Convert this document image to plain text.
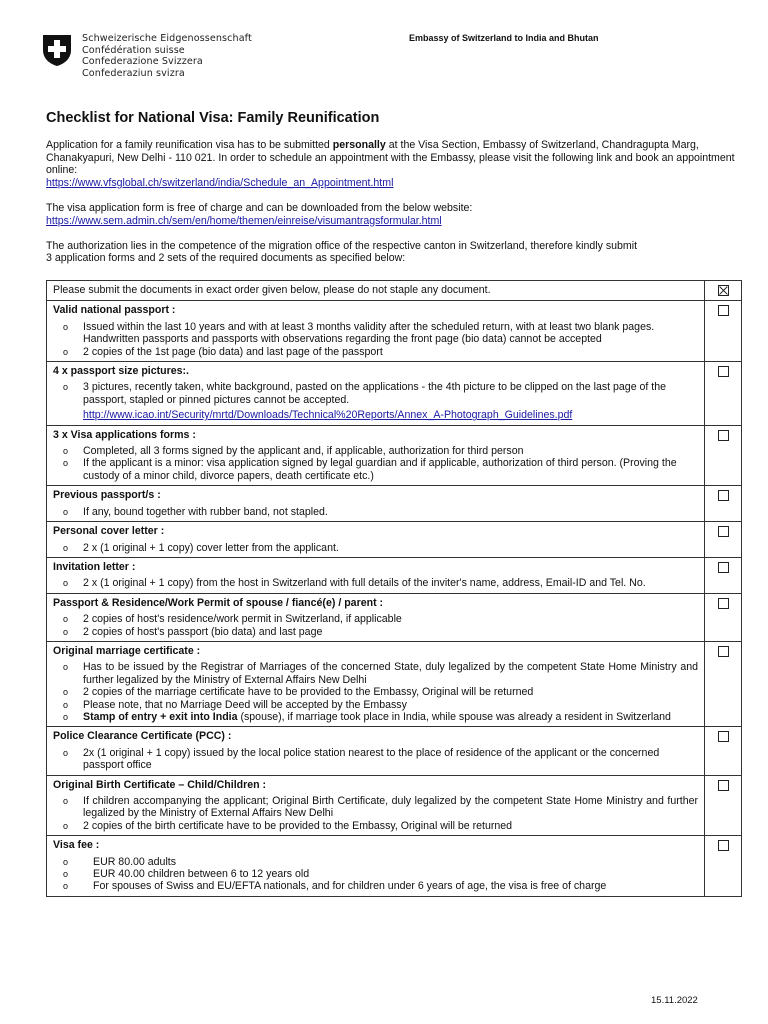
Schweizerische Eidgenossenschaft
Confédération suisse
Confederazione Svizzera
Confederaziun svizra
Embassy of Switzerland to India and Bhutan
Checklist for National Visa: Family Reunification

Application for a family reunification visa has to be submitted personally at the Visa Section, Embassy of Switzerland, Chandragupta Marg, Chanakyapuri, New Delhi - 110 021. In order to schedule an appointment with the Embassy, please visit the following link and book an appointment online:
https://www.vfsglobal.ch/switzerland/india/Schedule_an_Appointment.html

The visa application form is free of charge and can be downloaded from the below website:
https://www.sem.admin.ch/sem/en/home/themen/einreise/visumantragsformular.html

The authorization lies in the competence of the migration office of the respective canton in Switzerland, therefore kindly submit
3 application forms and 2 sets of the required documents as specified below:

Please submit the documents in exact order given below, please do not staple any document.	

Valid national passport :
o Issued within the last 10 years and with at least 3 months validity after the scheduled return, with at least two blank pages. Handwritten passports and passports with observations regarding the front page (bio data) cannot be accepted
o 2 copies of the 1st page (bio data) and last page of the passport

4 x passport size pictures:.
o 3 pictures, recently taken, white background, pasted on the applications - the 4th picture to be clipped on the last page of the passport, stapled or pinned pictures cannot be accepted.
http://www.icao.int/Security/mrtd/Downloads/Technical%20Reports/Annex_A-Photograph_Guidelines.pdf

3 x Visa applications forms :
o Completed, all 3 forms signed by the applicant and, if applicable, authorization for third person
o If the applicant is a minor: visa application signed by legal guardian and if applicable, authorization of third person. (Proving the custody of a minor child, divorce papers, death certificate etc.)

Previous passport/s :
o If any, bound together with rubber band, not stapled.

Personal cover letter :
o 2 x (1 original + 1 copy) cover letter from the applicant.

Invitation letter :
o 2 x (1 original + 1 copy) from the host in Switzerland with full details of the inviter's name, address, Email-ID and Tel. No.

Passport & Residence/Work Permit of spouse / fiancé(e) / parent :
o 2 copies of host's residence/work permit in Switzerland, if applicable
o 2 copies of host's passport (bio data) and last page

Original marriage certificate :
o Has to be issued by the Registrar of Marriages of the concerned State, duly legalized by the competent State Home Ministry and further legalized by the Ministry of External Affairs New Delhi
o 2 copies of the marriage certificate have to be provided to the Embassy, Original will be returned
o Please note, that no Marriage Deed will be accepted by the Embassy
o Stamp of entry + exit into India (spouse), if marriage took place in India, while spouse was already a resident in Switzerland

Police Clearance Certificate (PCC) :
o 2x (1 original + 1 copy) issued by the local police station nearest to the place of residence of the applicant or the concerned passport office

Original Birth Certificate – Child/Children :
o If children accompanying the applicant; Original Birth Certificate, duly legalized by the competent State Home Ministry and further legalized by the Ministry of External Affairs New Delhi
o 2 copies of the birth certificate have to be provided to the Embassy, Original will be returned

Visa fee :
o EUR 80.00 adults
o EUR 40.00 children between 6 to 12 years old
o For spouses of Swiss and EU/EFTA nationals, and for children under 6 years of age, the visa is free of charge

15.11.2022
